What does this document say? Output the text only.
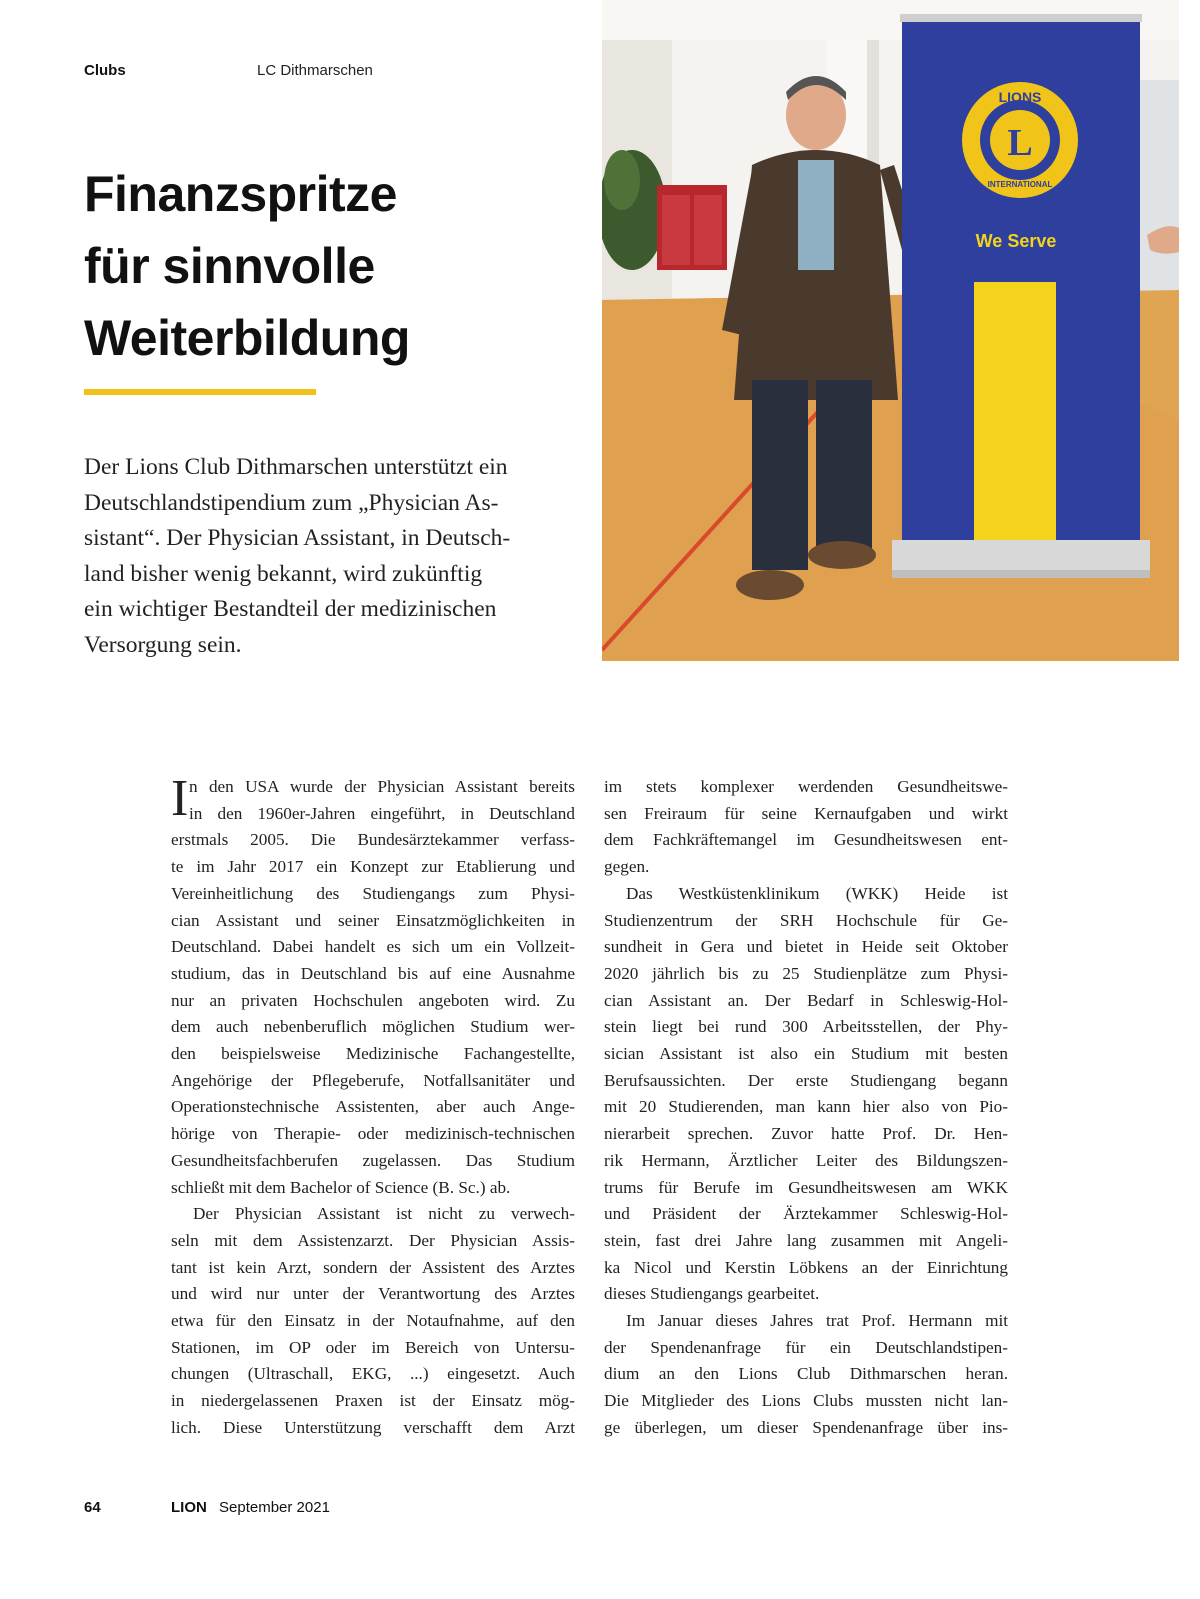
Clubs	LC Dithmarschen
Finanzspritze
für sinnvolle
Weiterbildung
Der Lions Club Dithmarschen unterstützt ein
Deutschlandstipendium zum „Physician As-
sistant“. Der Physician Assistant, in Deutsch-
land bisher wenig bekannt, wird zukünftig
ein wichtiger Bestandteil der medizinischen
Versorgung sein.
L
LIONS
INTERNATIONAL
We Serve
I n den USA wurde der Physician Assistant bereits
in den 1960er-Jahren eingeführt, in Deutschland
erstmals 2005. Die Bundesärztekammer verfass-
te im Jahr 2017 ein Konzept zur Etablierung und
Vereinheitlichung des Studiengangs zum Physi-
cian Assistant und seiner Einsatzmöglichkeiten in
Deutschland. Dabei handelt es sich um ein Vollzeit-
studium, das in Deutschland bis auf eine Ausnahme
nur an privaten Hochschulen angeboten wird. Zu
dem auch nebenberuflich möglichen Studium wer-
den beispielsweise Medizinische Fachangestellte,
Angehörige der Pflegeberufe, Notfallsanitäter und
Operationstechnische Assistenten, aber auch Ange-
hörige von Therapie- oder medizinisch-technischen
Gesundheitsfachberufen zugelassen. Das Studium
schließt mit dem Bachelor of Science (B. Sc.) ab.
Der Physician Assistant ist nicht zu verwech-
seln mit dem Assistenzarzt. Der Physician Assis-
tant ist kein Arzt, sondern der Assistent des Arztes
und wird nur unter der Verantwortung des Arztes
etwa für den Einsatz in der Notaufnahme, auf den
Stationen, im OP oder im Bereich von Untersu-
chungen (Ultraschall, EKG, ...) eingesetzt. Auch
in niedergelassenen Praxen ist der Einsatz mög-
lich. Diese Unterstützung verschafft dem Arzt
im stets komplexer werdenden Gesundheitswe-
sen Freiraum für seine Kernaufgaben und wirkt
dem Fachkräftemangel im Gesundheitswesen ent-
gegen.
Das Westküstenklinikum (WKK) Heide ist
Studienzentrum der SRH Hochschule für Ge-
sundheit in Gera und bietet in Heide seit Oktober
2020 jährlich bis zu 25 Studienplätze zum Physi-
cian Assistant an. Der Bedarf in Schleswig-Hol-
stein liegt bei rund 300 Arbeitsstellen, der Phy-
sician Assistant ist also ein Studium mit besten
Berufsaussichten. Der erste Studiengang begann
mit 20 Studierenden, man kann hier also von Pio-
nierarbeit sprechen. Zuvor hatte Prof. Dr. Hen-
rik Hermann, Ärztlicher Leiter des Bildungszen-
trums für Berufe im Gesundheitswesen am WKK
und Präsident der Ärztekammer Schleswig-Hol-
stein, fast drei Jahre lang zusammen mit Angeli-
ka Nicol und Kerstin Löbkens an der Einrichtung
dieses Studiengangs gearbeitet.
Im Januar dieses Jahres trat Prof. Hermann mit
der Spendenanfrage für ein Deutschlandstipen-
dium an den Lions Club Dithmarschen heran.
Die Mitglieder des Lions Clubs mussten nicht lan-
ge überlegen, um dieser Spendenanfrage über ins-
64	LION September 2021
